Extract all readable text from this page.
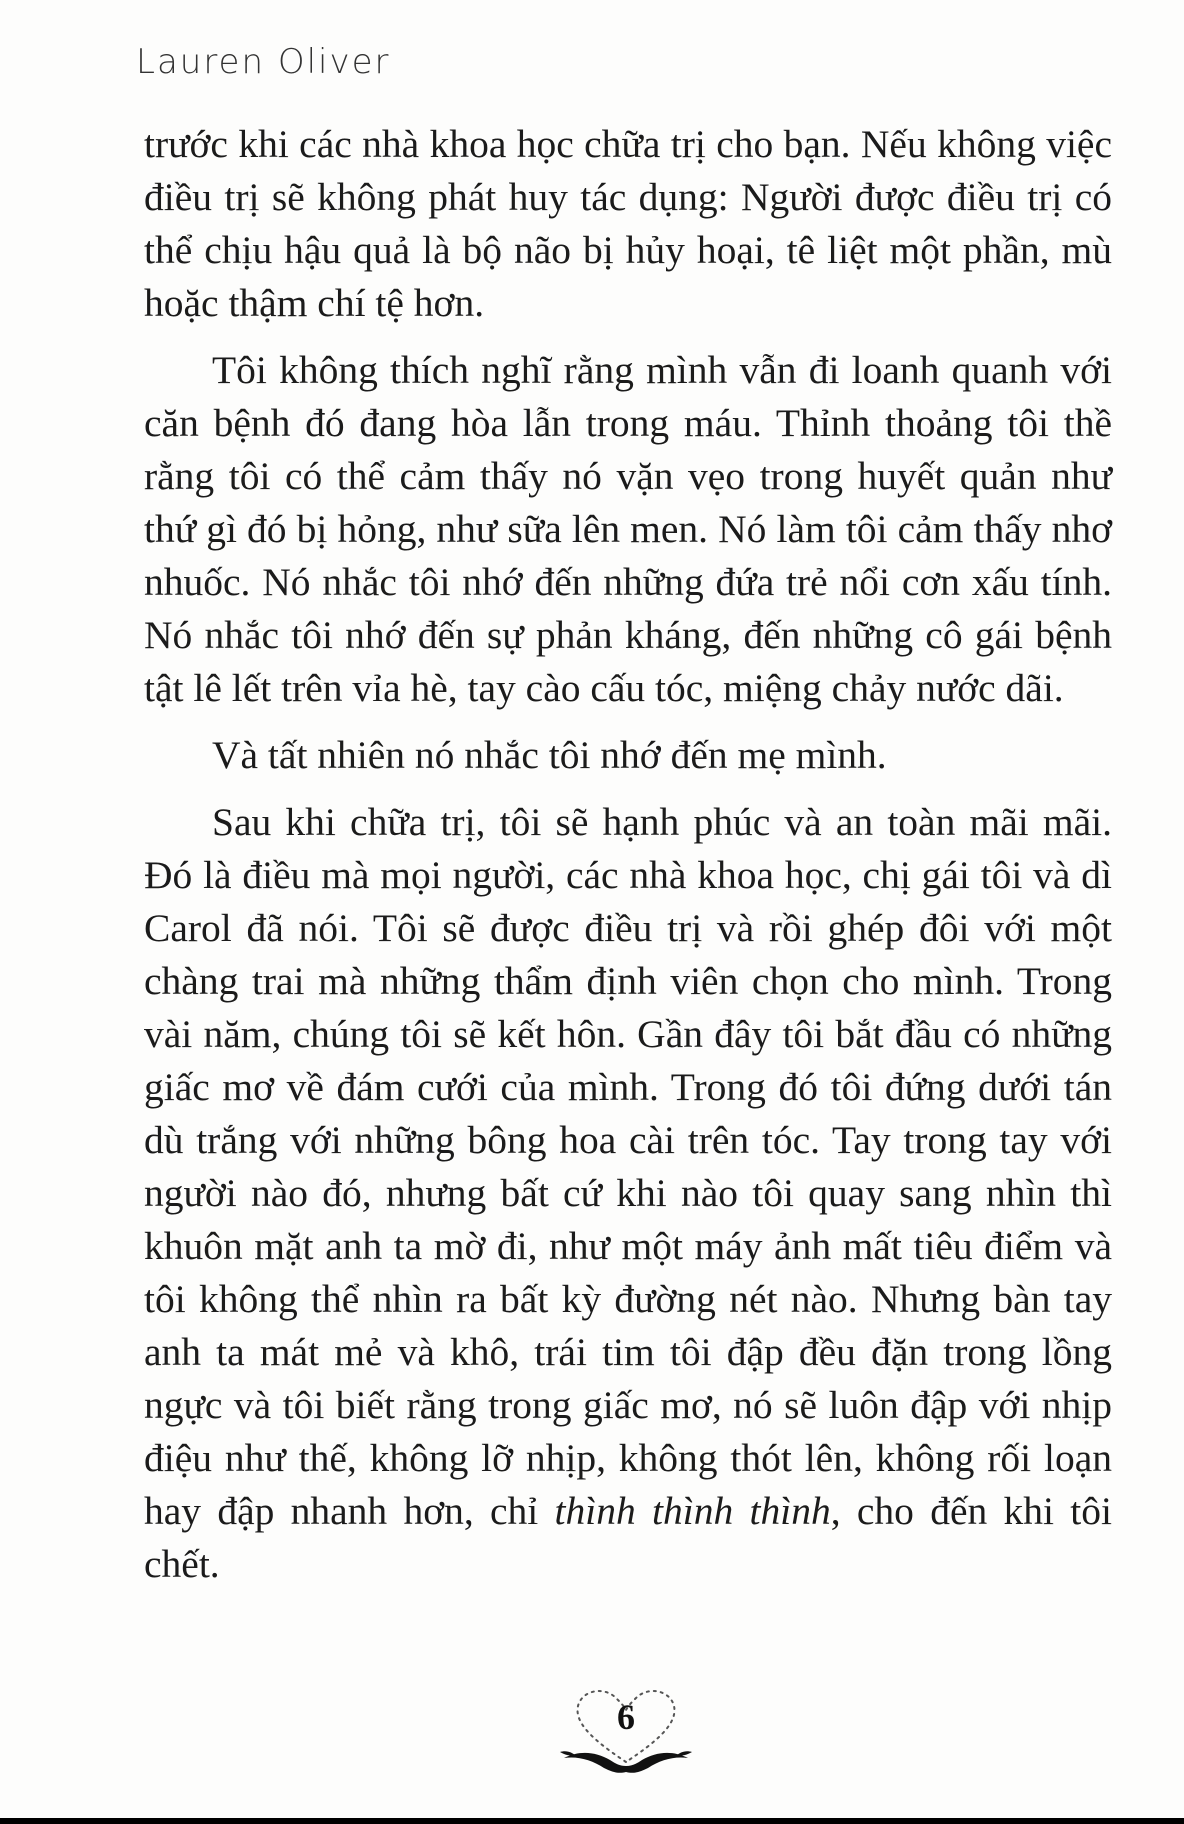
Lauren Oliver

trước khi các nhà khoa học chữa trị cho bạn. Nếu không việc điều trị sẽ không phát huy tác dụng: Người được điều trị có thể chịu hậu quả là bộ não bị hủy hoại, tê liệt một phần, mù hoặc thậm chí tệ hơn.

Tôi không thích nghĩ rằng mình vẫn đi loanh quanh với căn bệnh đó đang hòa lẫn trong máu. Thỉnh thoảng tôi thề rằng tôi có thể cảm thấy nó vặn vẹo trong huyết quản như thứ gì đó bị hỏng, như sữa lên men. Nó làm tôi cảm thấy nhơ nhuốc. Nó nhắc tôi nhớ đến những đứa trẻ nổi cơn xấu tính. Nó nhắc tôi nhớ đến sự phản kháng, đến những cô gái bệnh tật lê lết trên vỉa hè, tay cào cấu tóc, miệng chảy nước dãi.

Và tất nhiên nó nhắc tôi nhớ đến mẹ mình.

Sau khi chữa trị, tôi sẽ hạnh phúc và an toàn mãi mãi. Đó là điều mà mọi người, các nhà khoa học, chị gái tôi và dì Carol đã nói. Tôi sẽ được điều trị và rồi ghép đôi với một chàng trai mà những thẩm định viên chọn cho mình. Trong vài năm, chúng tôi sẽ kết hôn. Gần đây tôi bắt đầu có những giấc mơ về đám cưới của mình. Trong đó tôi đứng dưới tán dù trắng với những bông hoa cài trên tóc. Tay trong tay với người nào đó, nhưng bất cứ khi nào tôi quay sang nhìn thì khuôn mặt anh ta mờ đi, như một máy ảnh mất tiêu điểm và tôi không thể nhìn ra bất kỳ đường nét nào. Nhưng bàn tay anh ta mát mẻ và khô, trái tim tôi đập đều đặn trong lồng ngực và tôi biết rằng trong giấc mơ, nó sẽ luôn đập với nhịp điệu như thế, không lỡ nhịp, không thót lên, không rối loạn hay đập nhanh hơn, chỉ thình thình thình, cho đến khi tôi chết.

6
